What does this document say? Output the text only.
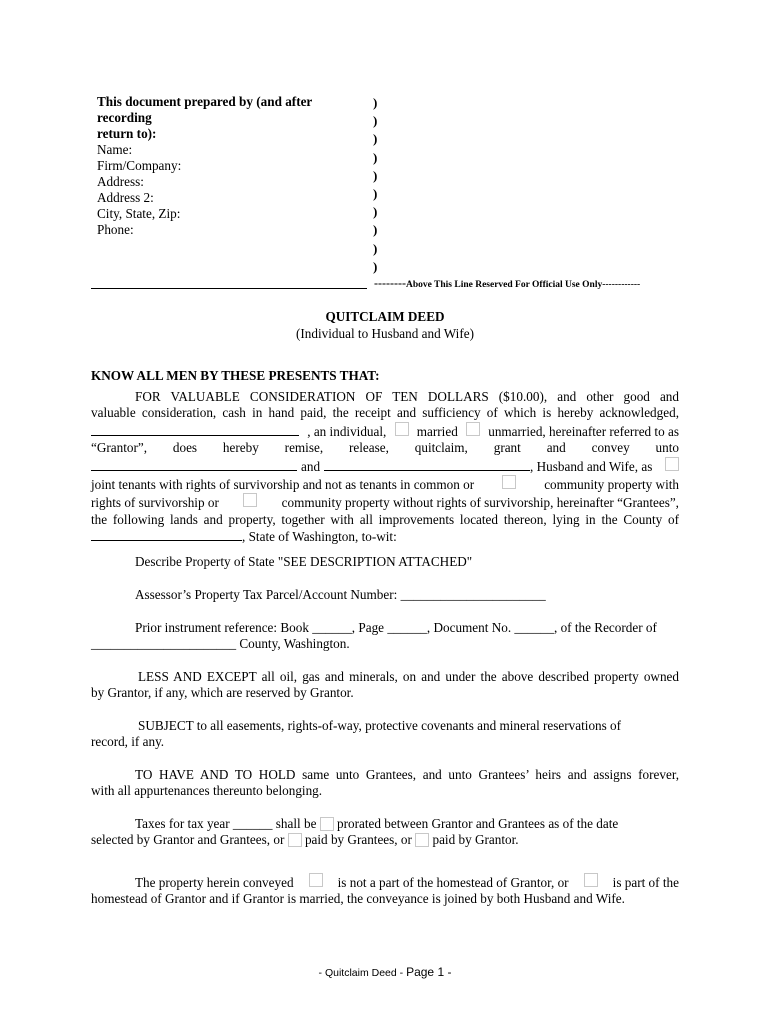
This document prepared by (and after recording
return to):
Name:
Firm/Company:
Address:
Address 2:
City, State, Zip:
Phone:
)
)
)
)
)
)
)
)
)
)
--------Above This Line Reserved For Official Use Only------------
QUITCLAIM DEED
(Individual to Husband and Wife)
KNOW ALL MEN BY THESE PRESENTS THAT:
FOR VALUABLE CONSIDERATION OF TEN DOLLARS ($10.00), and other good and
valuable consideration, cash in hand paid, the receipt and sufficiency of which is hereby acknowledged,
, an individual, married unmarried, hereinafter referred to as
“Grantor”, does hereby remise, release, quitclaim, grant and convey unto
and	, Husband and Wife, as
joint tenants with rights of survivorship and not as tenants in common or	community property with
rights of survivorship or	community property without rights of survivorship, hereinafter “Grantees”,
the following lands and property, together with all improvements located thereon, lying in the County of
, State of Washington, to-wit:
Describe Property of State "SEE DESCRIPTION ATTACHED"
Assessor’s Property Tax Parcel/Account Number: ______________________
Prior instrument reference: Book ______, Page ______, Document No. ______, of the Recorder of
______________________ County, Washington.
LESS AND EXCEPT all oil, gas and minerals, on and under the above described property owned
by Grantor, if any, which are reserved by Grantor.
SUBJECT to all easements, rights-of-way, protective covenants and mineral reservations of
record, if any.
TO HAVE AND TO HOLD same unto Grantees, and unto Grantees’ heirs and assigns forever,
with all appurtenances thereunto belonging.
Taxes for tax year ______ shall be prorated between Grantor and Grantees as of the date
selected by Grantor and Grantees, or paid by Grantees, or paid by Grantor.
The property herein conveyed	is not a part of the homestead of Grantor, or	is part of the
homestead of Grantor and if Grantor is married, the conveyance is joined by both Husband and Wife.
- Quitclaim Deed - Page 1 -
